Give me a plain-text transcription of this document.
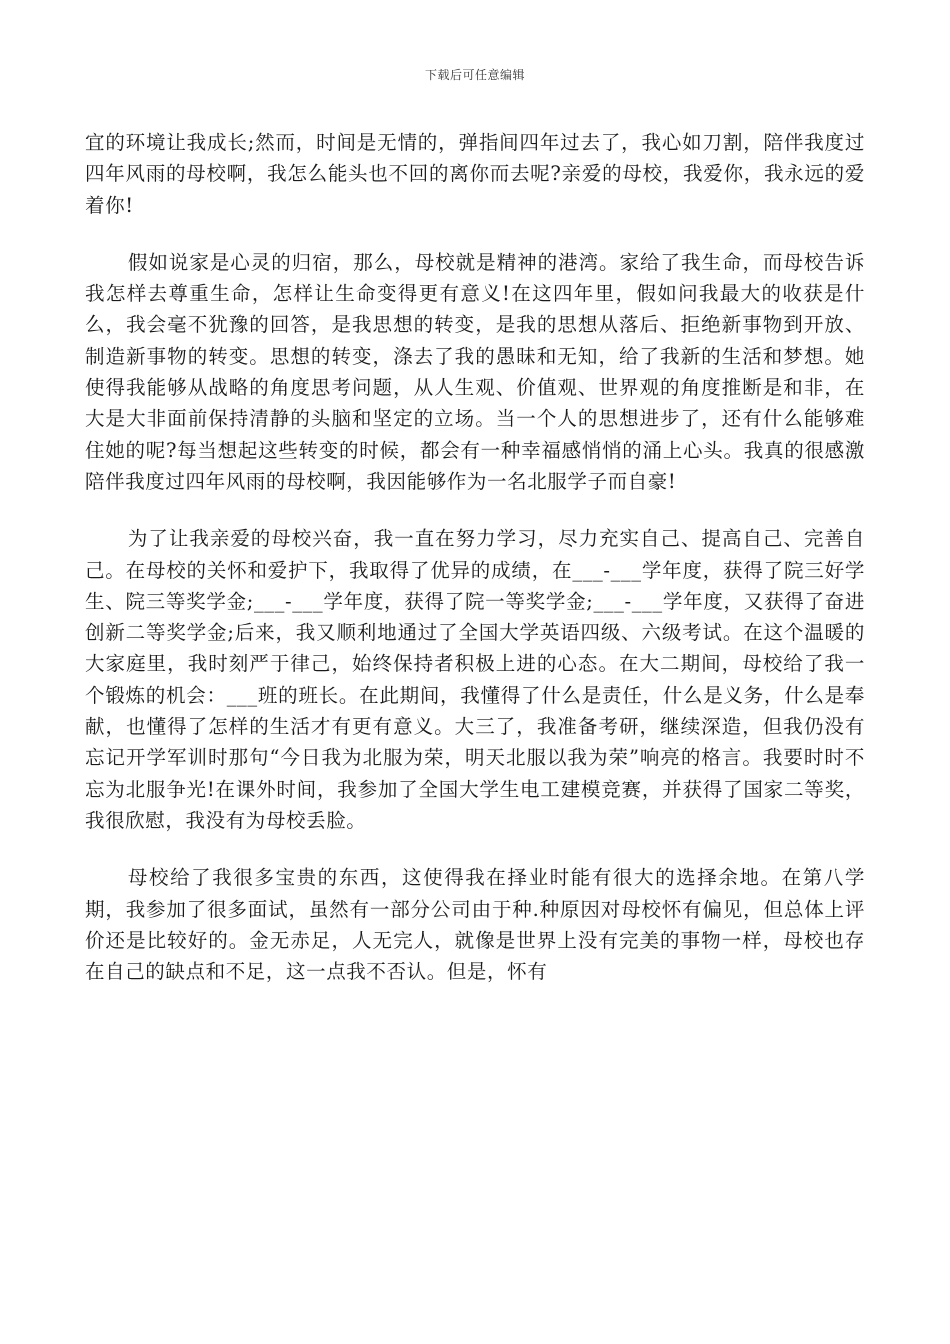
下载后可任意编辑

宜的环境让我成长;然而，时间是无情的，弹指间四年过去了，我心如刀割，陪伴我度过四年风雨的母校啊，我怎么能头也不回的离你而去呢?亲爱的母校，我爱你，我永远的爱着你!

假如说家是心灵的归宿，那么，母校就是精神的港湾。家给了我生命，而母校告诉我怎样去尊重生命，怎样让生命变得更有意义!在这四年里，假如问我最大的收获是什么，我会毫不犹豫的回答，是我思想的转变，是我的思想从落后、拒绝新事物到开放、制造新事物的转变。思想的转变，涤去了我的愚昧和无知，给了我新的生活和梦想。她使得我能够从战略的角度思考问题，从人生观、价值观、世界观的角度推断是和非，在大是大非面前保持清静的头脑和坚定的立场。当一个人的思想进步了，还有什么能够难住她的呢?每当想起这些转变的时候，都会有一种幸福感悄悄的涌上心头。我真的很感激陪伴我度过四年风雨的母校啊，我因能够作为一名北服学子而自豪!

为了让我亲爱的母校兴奋，我一直在努力学习，尽力充实自己、提高自己、完善自己。在母校的关怀和爱护下，我取得了优异的成绩，在___-___学年度，获得了院三好学生、院三等奖学金;___-___学年度，获得了院一等奖学金;___-___学年度，又获得了奋进创新二等奖学金;后来，我又顺利地通过了全国大学英语四级、六级考试。在这个温暖的大家庭里，我时刻严于律己，始终保持者积极上进的心态。在大二期间，母校给了我一个锻炼的机会：___班的班长。在此期间，我懂得了什么是责任，什么是义务，什么是奉献，也懂得了怎样的生活才有更有意义。大三了，我准备考研，继续深造，但我仍没有忘记开学军训时那句“今日我为北服为荣，明天北服以我为荣”响亮的格言。我要时时不忘为北服争光!在课外时间，我参加了全国大学生电工建模竞赛，并获得了国家二等奖，我很欣慰，我没有为母校丢脸。

母校给了我很多宝贵的东西，这使得我在择业时能有很大的选择余地。在第八学期，我参加了很多面试，虽然有一部分公司由于种.种原因对母校怀有偏见，但总体上评价还是比较好的。金无赤足，人无完人，就像是世界上没有完美的事物一样，母校也存在自己的缺点和不足，这一点我不否认。但是，怀有
